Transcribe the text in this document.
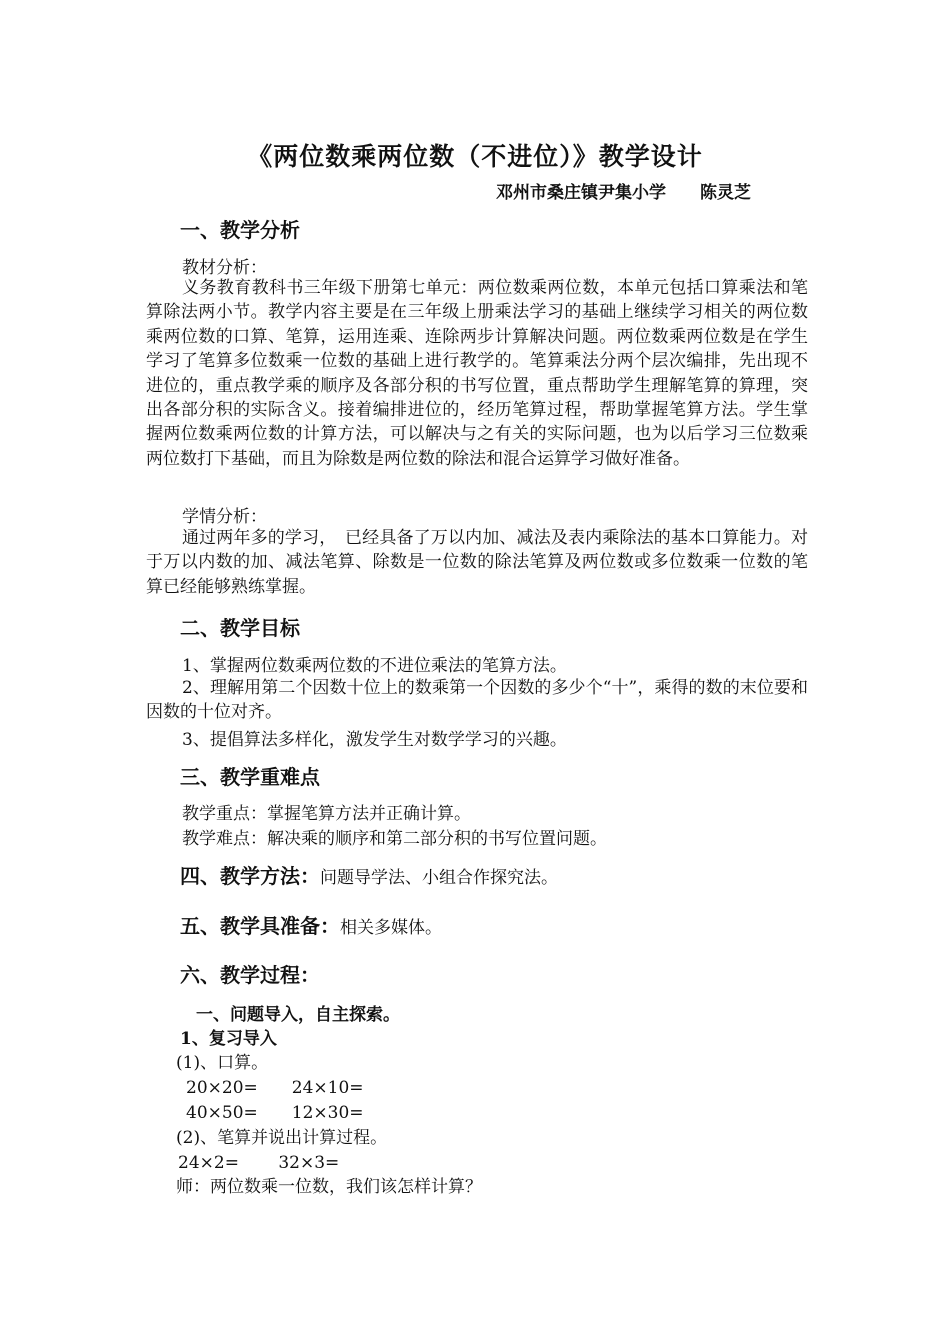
《两位数乘两位数（不进位）》教学设计
邓州市桑庄镇尹集小学　　陈灵芝
一、教学分析
教材分析：
义务教育教科书三年级下册第七单元：两位数乘两位数，本单元包括口算乘法和笔算除法两小节。教学内容主要是在三年级上册乘法学习的基础上继续学习相关的两位数乘两位数的口算、笔算，运用连乘、连除两步计算解决问题。两位数乘两位数是在学生学习了笔算多位数乘一位数的基础上进行教学的。笔算乘法分两个层次编排，先出现不进位的，重点教学乘的顺序及各部分积的书写位置，重点帮助学生理解笔算的算理，突出各部分积的实际含义。接着编排进位的，经历笔算过程，帮助掌握笔算方法。学生掌握两位数乘两位数的计算方法，可以解决与之有关的实际问题，也为以后学习三位数乘两位数打下基础，而且为除数是两位数的除法和混合运算学习做好准备。
学情分析：
通过两年多的学习，　已经具备了万以内加、减法及表内乘除法的基本口算能力。对于万以内数的加、减法笔算、除数是一位数的除法笔算及两位数或多位数乘一位数的笔算已经能够熟练掌握。
二、教学目标
1、掌握两位数乘两位数的不进位乘法的笔算方法。
2、理解用第二个因数十位上的数乘第一个因数的多少个“十”，乘得的数的末位要和因数的十位对齐。
3、提倡算法多样化，激发学生对数学学习的兴趣。
三、教学重难点
教学重点：掌握笔算方法并正确计算。
教学难点：解决乘的顺序和第二部分积的书写位置问题。
四、教学方法：问题导学法、小组合作探究法。
五、教学具准备：相关多媒体。
六、教学过程：
一、问题导入，自主探索。
1、复习导入
(1)、口算。
20×20=　　24×10=
40×50=　　12×30=
(2)、笔算并说出计算过程。
24×2=　　 32×3=
师：两位数乘一位数，我们该怎样计算？
